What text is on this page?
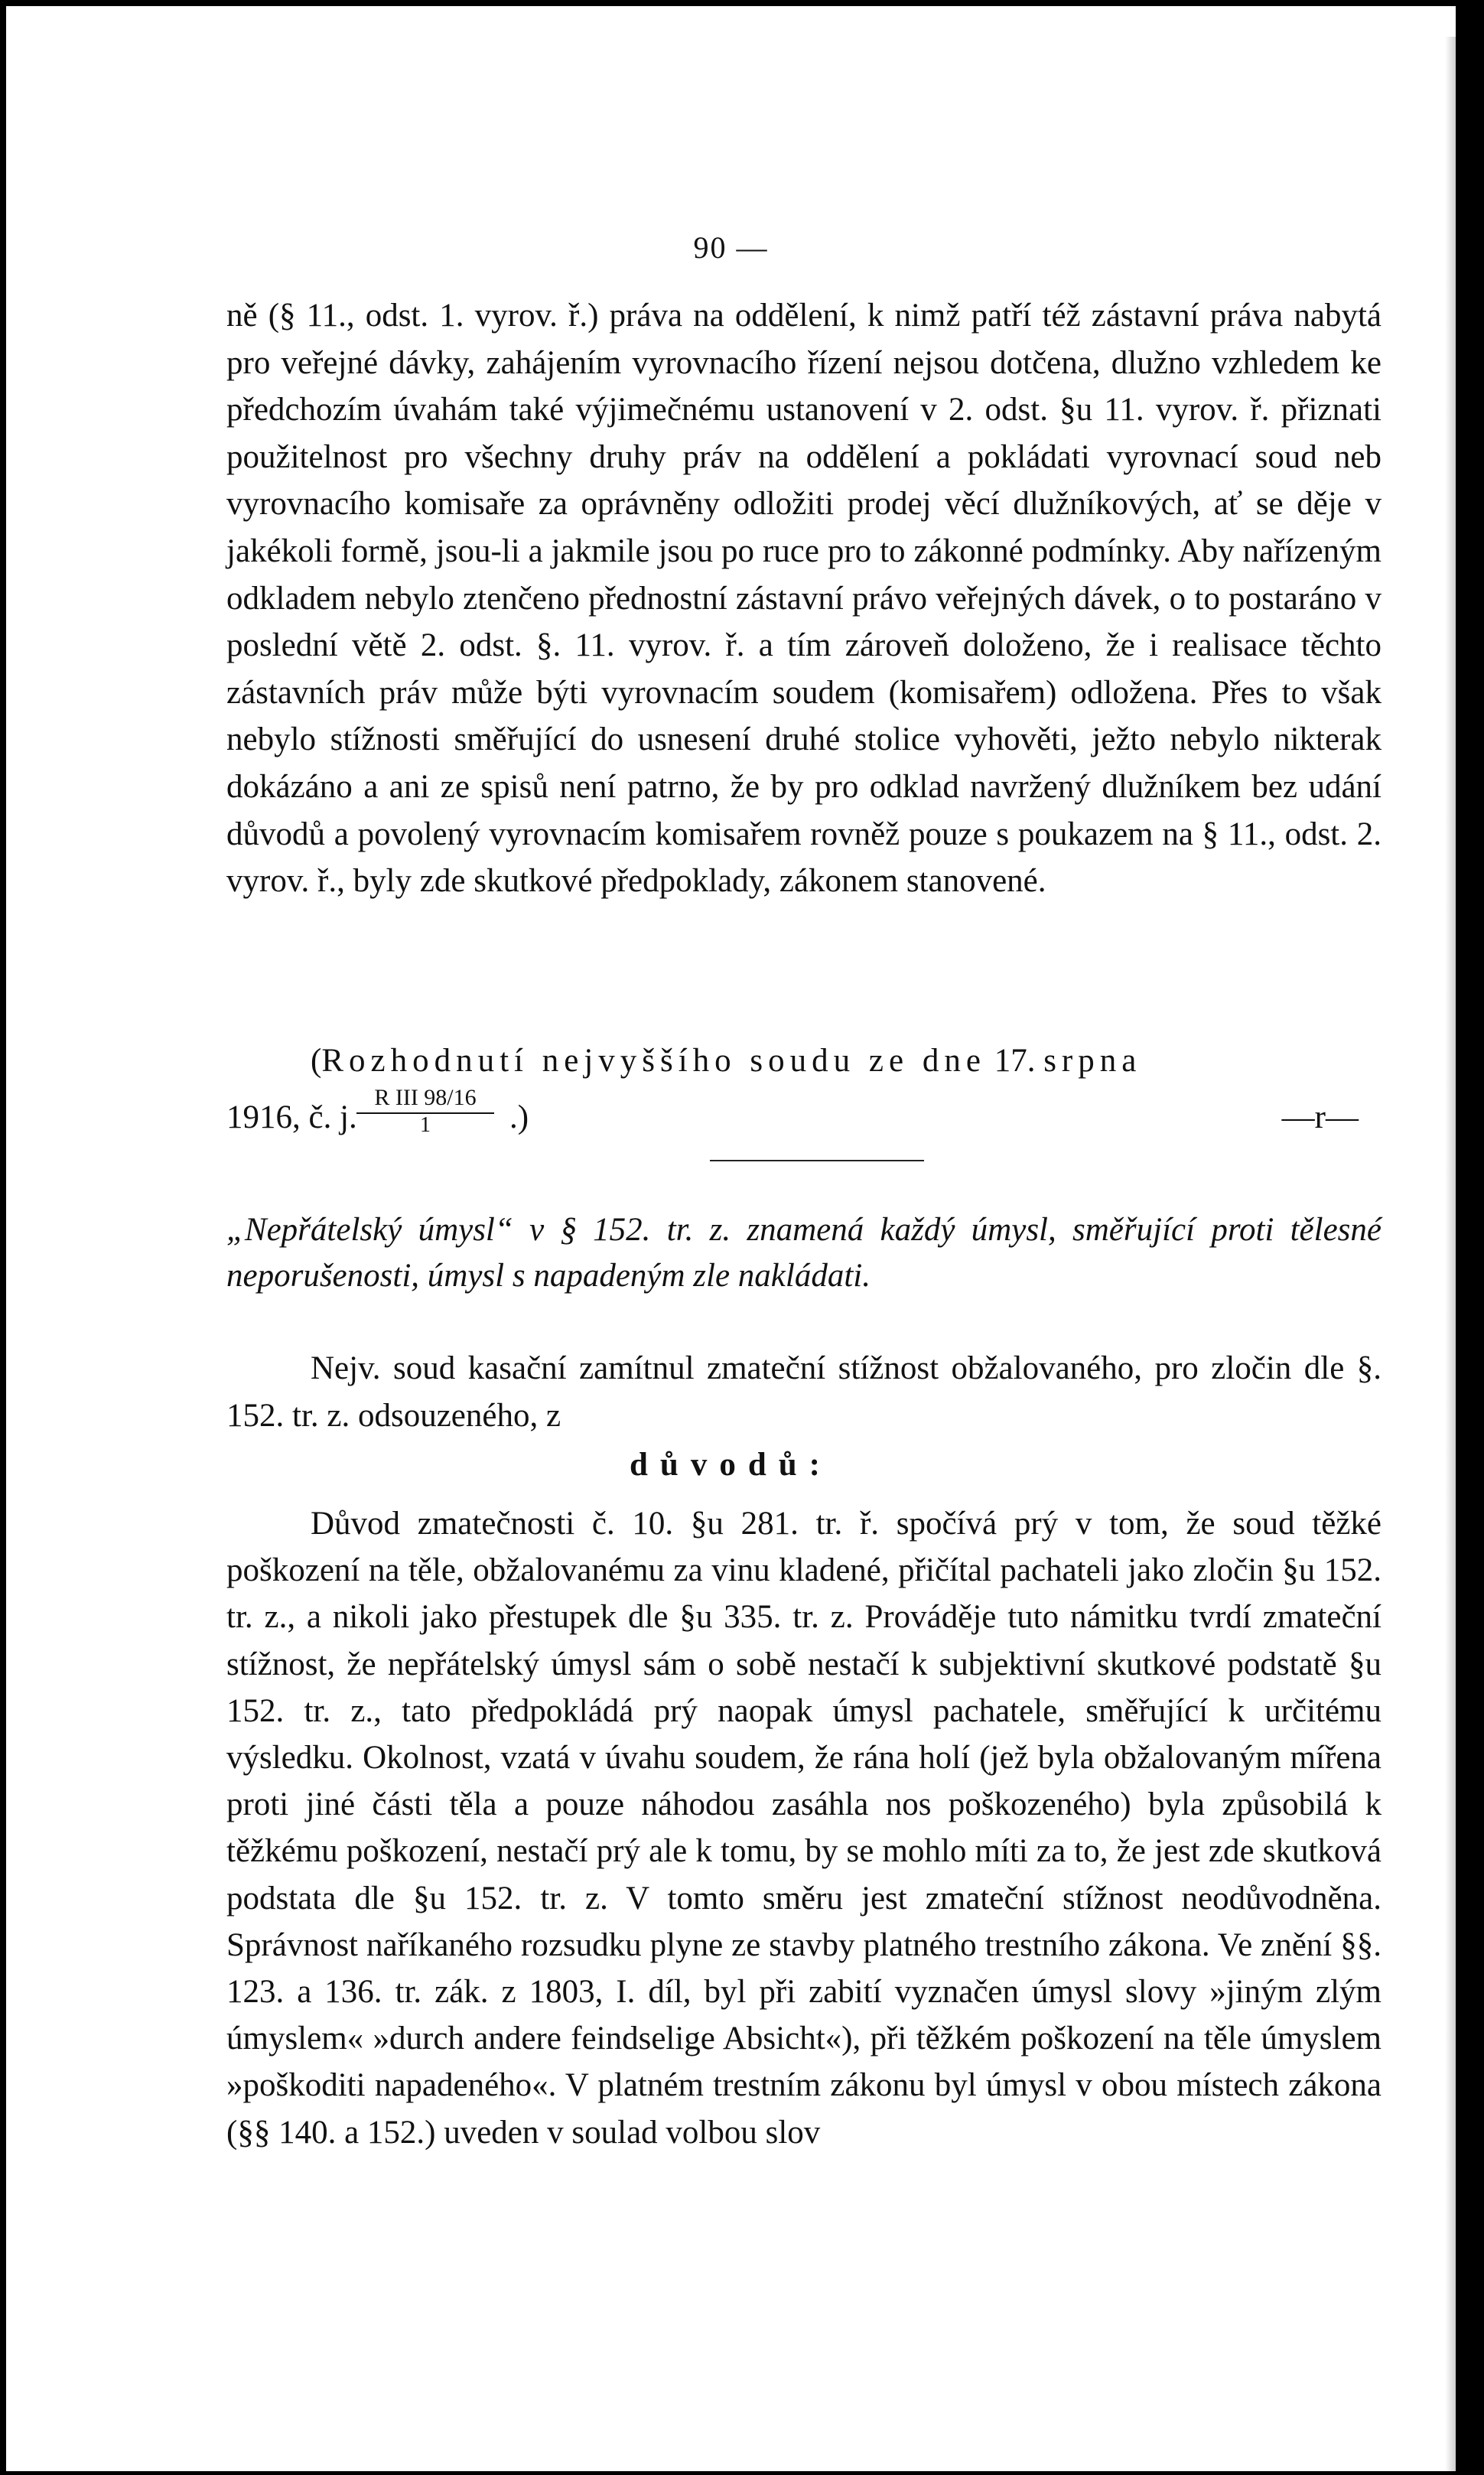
90 —
ně (§ 11., odst. 1. vyrov. ř.) práva na oddělení, k nimž patří též zástavní práva nabytá pro veřejné dávky, zahájením vyrovnacího řízení nejsou dotčena, dlužno vzhledem ke předchozím úvahám také výjimečnému ustanovení v 2. odst. §u 11. vyrov. ř. přiznati použitelnost pro všechny druhy práv na oddělení a pokládati vyrovnací soud neb vyrovnacího komisaře za oprávněny odložiti prodej věcí dlužníkových, ať se děje v jakékoli formě, jsou-li a jakmile jsou po ruce pro to zákonné podmínky. Aby nařízeným odkladem nebylo ztenčeno přednostní zástavní právo veřejných dávek, o to postaráno v poslední větě 2. odst. §. 11. vyrov. ř. a tím zároveň doloženo, že i realisace těchto zástavních práv může býti vyrovnacím soudem (komisařem) odložena. Přes to však nebylo stížnosti směřující do usnesení druhé stolice vyhověti, ježto nebylo nikterak dokázáno a ani ze spisů není patrno, že by pro odklad navržený dlužníkem bez udání důvodů a povolený vyrovnacím komisařem rovněž pouze s poukazem na § 11., odst. 2. vyrov. ř., byly zde skutkové předpoklady, zákonem stanovené.
(Rozhodnutí nejvyššího soudu ze dne 17. srpna
1916, č. j.
R III 98/16
1	.)	—r—
„Nepřátelský úmysl“ v § 152. tr. z. znamená každý úmysl, směřující proti tělesné neporušenosti, úmysl s napadeným zle nakládati.
Nejv. soud kasační zamítnul zmateční stížnost obžalovaného, pro zločin dle §. 152. tr. z. odsouzeného, z
důvodů:
Důvod zmatečnosti č. 10. §u 281. tr. ř. spočívá prý v tom, že soud těžké poškození na těle, obžalovanému za vinu kladené, přičítal pachateli jako zločin §u 152. tr. z., a nikoli jako přestupek dle §u 335. tr. z. Prováděje tuto námitku tvrdí zmateční stížnost, že nepřátelský úmysl sám o sobě nestačí k subjektivní skutkové podstatě §u 152. tr. z., tato předpokládá prý naopak úmysl pachatele, směřující k určitému výsledku. Okolnost, vzatá v úvahu soudem, že rána holí (jež byla obžalovaným mířena proti jiné části těla a pouze náhodou zasáhla nos poškozeného) byla způsobilá k těžkému poškození, nestačí prý ale k tomu, by se mohlo míti za to, že jest zde skutková podstata dle §u 152. tr. z. V tomto směru jest zmateční stížnost neodůvodněna. Správnost naříkaného rozsudku plyne ze stavby platného trestního zákona. Ve znění §§. 123. a 136. tr. zák. z 1803, I. díl, byl při zabití vyznačen úmysl slovy »jiným zlým úmyslem« »durch andere feindselige Absicht«), při těžkém poškození na těle úmyslem »poškoditi napadeného«. V platném trestním zákonu byl úmysl v obou místech zákona (§§ 140. a 152.) uveden v soulad volbou slov
